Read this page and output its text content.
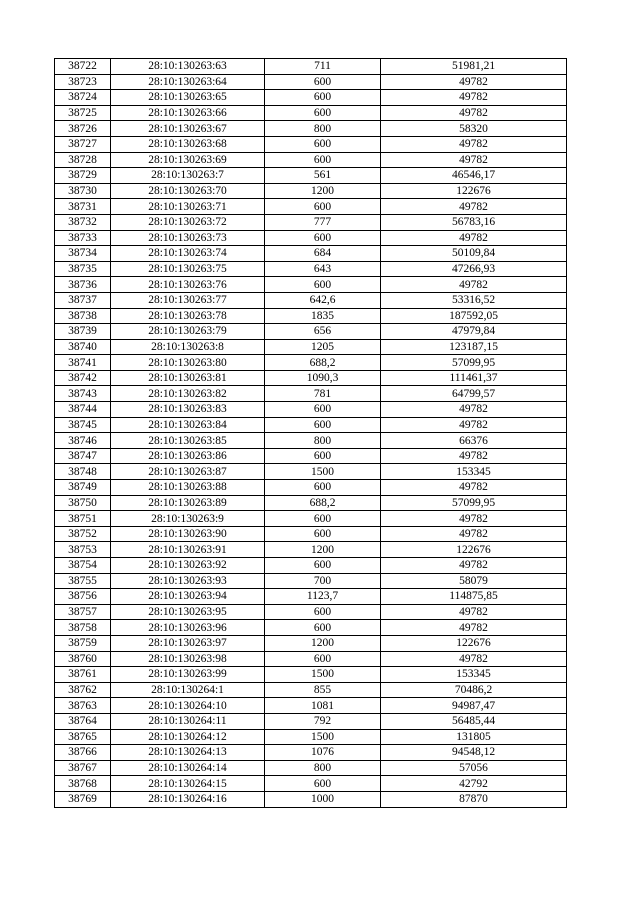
38722	28:10:130263:63	711	51981,21
38723	28:10:130263:64	600	49782
38724	28:10:130263:65	600	49782
38725	28:10:130263:66	600	49782
38726	28:10:130263:67	800	58320
38727	28:10:130263:68	600	49782
38728	28:10:130263:69	600	49782
38729	28:10:130263:7	561	46546,17
38730	28:10:130263:70	1200	122676
38731	28:10:130263:71	600	49782
38732	28:10:130263:72	777	56783,16
38733	28:10:130263:73	600	49782
38734	28:10:130263:74	684	50109,84
38735	28:10:130263:75	643	47266,93
38736	28:10:130263:76	600	49782
38737	28:10:130263:77	642,6	53316,52
38738	28:10:130263:78	1835	187592,05
38739	28:10:130263:79	656	47979,84
38740	28:10:130263:8	1205	123187,15
38741	28:10:130263:80	688,2	57099,95
38742	28:10:130263:81	1090,3	111461,37
38743	28:10:130263:82	781	64799,57
38744	28:10:130263:83	600	49782
38745	28:10:130263:84	600	49782
38746	28:10:130263:85	800	66376
38747	28:10:130263:86	600	49782
38748	28:10:130263:87	1500	153345
38749	28:10:130263:88	600	49782
38750	28:10:130263:89	688,2	57099,95
38751	28:10:130263:9	600	49782
38752	28:10:130263:90	600	49782
38753	28:10:130263:91	1200	122676
38754	28:10:130263:92	600	49782
38755	28:10:130263:93	700	58079
38756	28:10:130263:94	1123,7	114875,85
38757	28:10:130263:95	600	49782
38758	28:10:130263:96	600	49782
38759	28:10:130263:97	1200	122676
38760	28:10:130263:98	600	49782
38761	28:10:130263:99	1500	153345
38762	28:10:130264:1	855	70486,2
38763	28:10:130264:10	1081	94987,47
38764	28:10:130264:11	792	56485,44
38765	28:10:130264:12	1500	131805
38766	28:10:130264:13	1076	94548,12
38767	28:10:130264:14	800	57056
38768	28:10:130264:15	600	42792
38769	28:10:130264:16	1000	87870
